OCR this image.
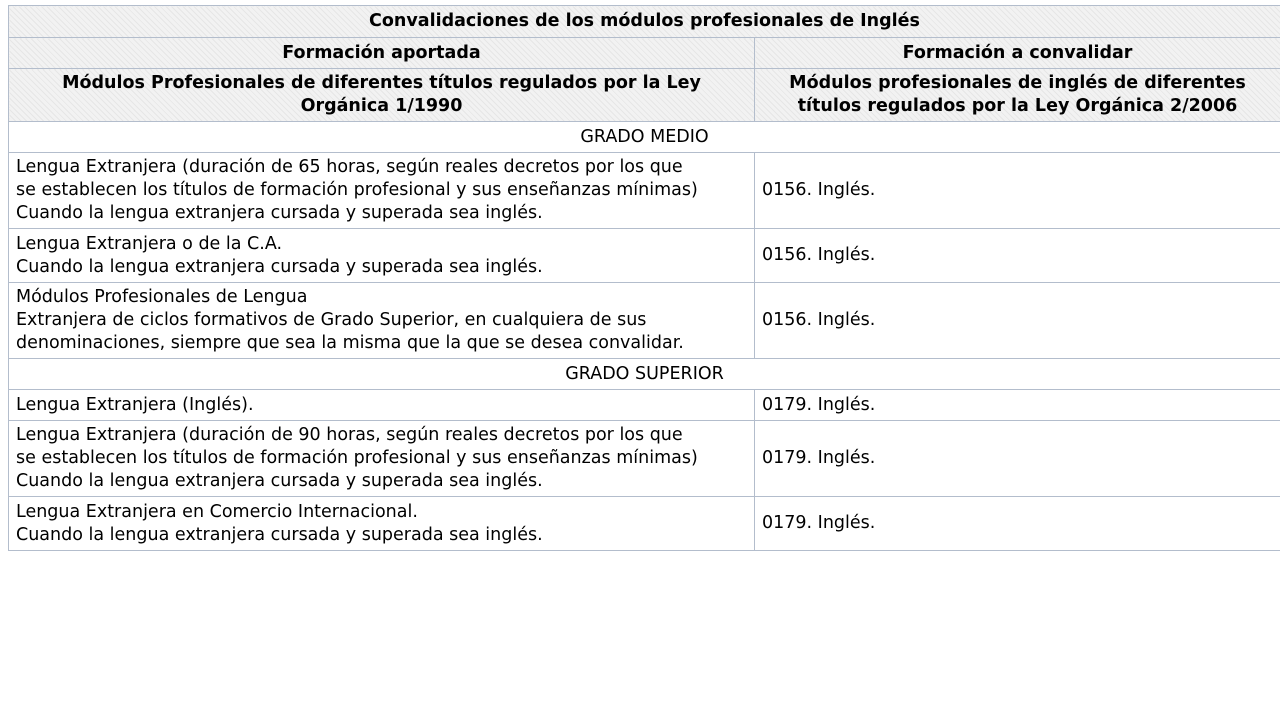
Convalidaciones de los módulos profesionales de Inglés	
Formación aportada	Formación a convalidar

Módulos Profesionales de diferentes títulos regulados por la Ley
Orgánica 1/1990	Módulos profesionales de inglés de diferentes
títulos regulados por la Ley Orgánica 2/2006

GRADO MEDIO	

Lengua Extranjera (duración de 65 horas, según reales decretos por los que
se establecen los títulos de formación profesional y sus enseñanzas mínimas)
Cuando la lengua extranjera cursada y superada sea inglés.	0156. Inglés.

Lengua Extranjera o de la C.A.
Cuando la lengua extranjera cursada y superada sea inglés.	0156. Inglés.

Módulos Profesionales de Lengua
Extranjera de ciclos formativos de Grado Superior, en cualquiera de sus
denominaciones, siempre que sea la misma que la que se desea convalidar.	0156. Inglés.
GRADO SUPERIOR	

Lengua Extranjera (Inglés).	0179. Inglés.

Lengua Extranjera (duración de 90 horas, según reales decretos por los que
se establecen los títulos de formación profesional y sus enseñanzas mínimas)
Cuando la lengua extranjera cursada y superada sea inglés.	0179. Inglés.

Lengua Extranjera en Comercio Internacional.
Cuando la lengua extranjera cursada y superada sea inglés.	0179. Inglés.
